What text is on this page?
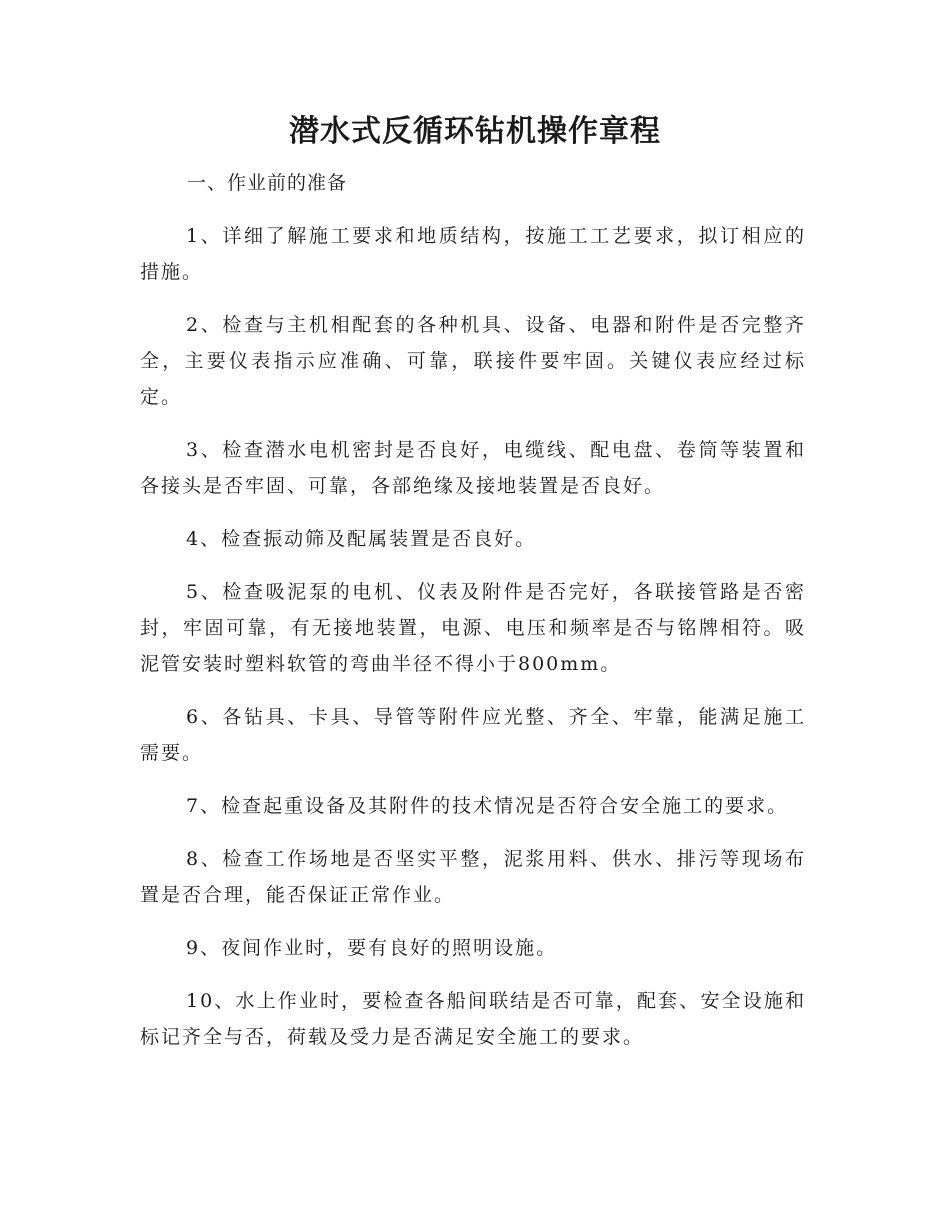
潜水式反循环钻机操作章程
一、作业前的准备

1、详细了解施工要求和地质结构，按施工工艺要求，拟订相应的措施。

2、检查与主机相配套的各种机具、设备、电器和附件是否完整齐全，主要仪表指示应准确、可靠，联接件要牢固。关键仪表应经过标定。

3、检查潜水电机密封是否良好，电缆线、配电盘、卷筒等装置和各接头是否牢固、可靠，各部绝缘及接地装置是否良好。

4、检查振动筛及配属装置是否良好。

5、检查吸泥泵的电机、仪表及附件是否完好，各联接管路是否密封，牢固可靠，有无接地装置，电源、电压和频率是否与铭牌相符。吸泥管安装时塑料软管的弯曲半径不得小于800mm。

6、各钻具、卡具、导管等附件应光整、齐全、牢靠，能满足施工需要。

7、检查起重设备及其附件的技术情况是否符合安全施工的要求。

8、检查工作场地是否坚实平整，泥浆用料、供水、排污等现场布置是否合理，能否保证正常作业。

9、夜间作业时，要有良好的照明设施。

10、水上作业时，要检查各船间联结是否可靠，配套、安全设施和标记齐全与否，荷载及受力是否满足安全施工的要求。
